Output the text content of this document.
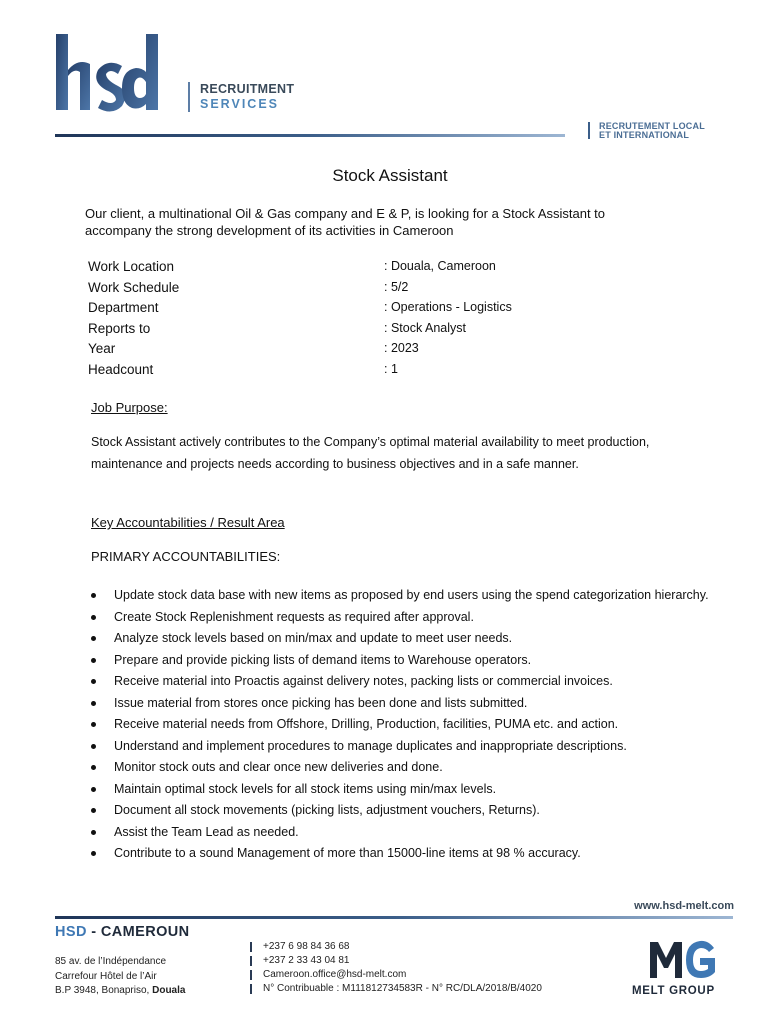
RECRUITMENT
SERVICES
RECRUTEMENT LOCAL
ET INTERNATIONAL
Stock Assistant
Our client, a multinational Oil & Gas company and E & P, is looking for a Stock Assistant to accompany the strong development of its activities in Cameroon
Work Location	: Douala, Cameroon
Work Schedule	: 5/2
Department	: Operations - Logistics
Reports to	: Stock Analyst
Year	: 2023
Headcount	: 1
Job Purpose:
Stock Assistant actively contributes to the Company’s optimal material availability to meet production, maintenance and projects needs according to business objectives and in a safe manner.
Key Accountabilities / Result Area
PRIMARY ACCOUNTABILITIES:
Update stock data base with new items as proposed by end users using the spend categorization hierarchy.
Create Stock Replenishment requests as required after approval.
Analyze stock levels based on min/max and update to meet user needs.
Prepare and provide picking lists of demand items to Warehouse operators.
Receive material into Proactis against delivery notes, packing lists or commercial invoices.
Issue material from stores once picking has been done and lists submitted.
Receive material needs from Offshore, Drilling, Production, facilities, PUMA etc. and action.
Understand and implement procedures to manage duplicates and inappropriate descriptions.
Monitor stock outs and clear once new deliveries and done.
Maintain optimal stock levels for all stock items using min/max levels.
Document all stock movements (picking lists, adjustment vouchers, Returns).
Assist the Team Lead as needed.
Contribute to a sound Management of more than 15000-line items at 98 % accuracy.
www.hsd-melt.com
HSD - CAMEROUN
85 av. de l’Indépendance
Carrefour Hôtel de l’Air
B.P 3948, Bonapriso, Douala
+237 6 98 84 36 68
+237 2 33 43 04 81
Cameroon.office@hsd-melt.com
N° Contribuable : M111812734583R - N° RC/DLA/2018/B/4020	MELT GROUP
